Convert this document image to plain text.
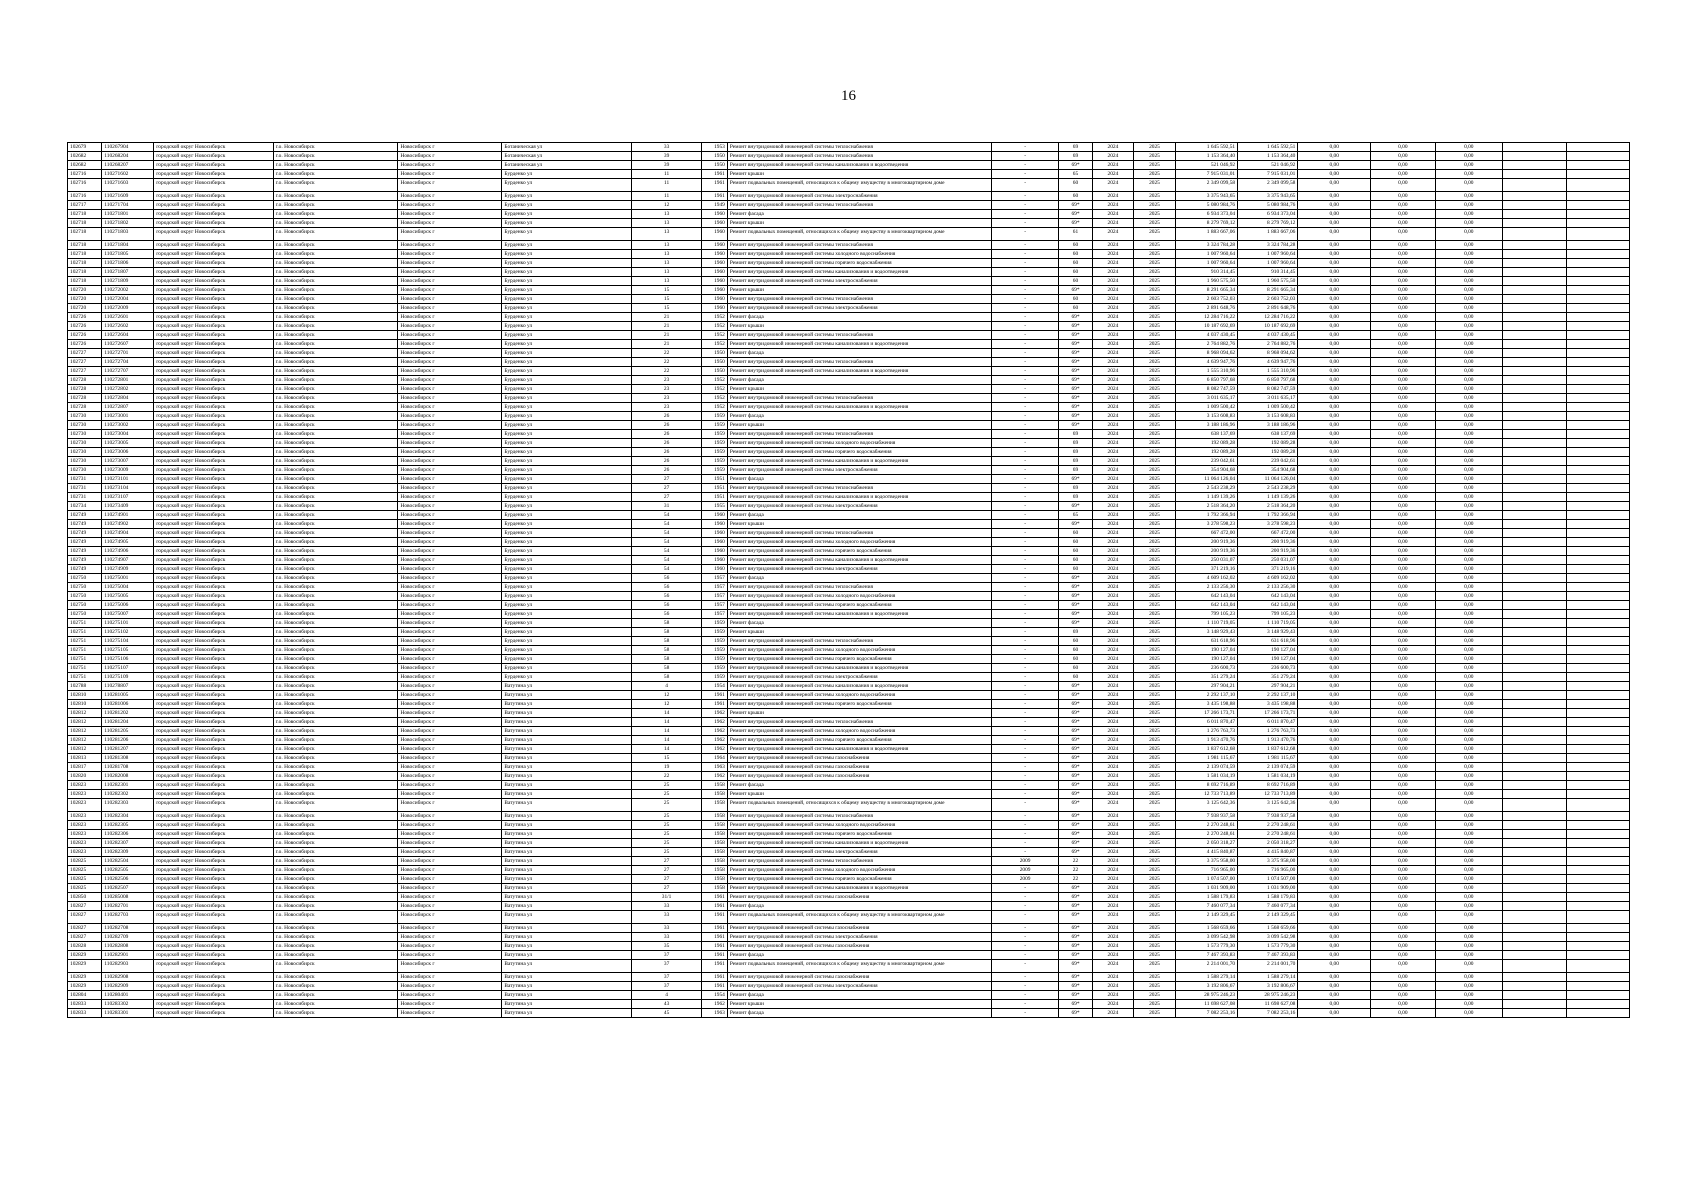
16
102679	110267904	городской округ Новосибирск	г.о. Новосибирск	Новосибирск г	Ботаническая ул	33	1953	Ремонт внутридомовой инженерной системы теплоснабжения	-	69	2024	2025	1 645 592,51	1 645 592,51	0,00	0,00	0,00		
102682	110268204	городской округ Новосибирск	г.о. Новосибирск	Новосибирск г	Ботаническая ул	39	1950	Ремонт внутридомовой инженерной системы теплоснабжения	-	69	2024	2025	1 153 364,40	1 153 364,40	0,00	0,00	0,00		
102682	110268207	городской округ Новосибирск	г.о. Новосибирск	Новосибирск г	Ботаническая ул	39	1950	Ремонт внутридомовой инженерной системы канализования и водоотведения	-	69*	2024	2025	521 046,92	521 046,92	0,00	0,00	0,00		
102716	110271602	городской округ Новосибирск	г.о. Новосибирск	Новосибирск г	Бурденко ул	11	1961	Ремонт крыши	-	65	2024	2025	7 915 031,01	7 915 031,01	0,00	0,00	0,00		
102716	110271603	городской округ Новосибирск	г.о. Новосибирск	Новосибирск г	Бурденко ул	11	1961	Ремонт подвальных помещений, относящихся к общему имуществу в многоквартирном доме	-	60	2024	2025	2 349 099,58	2 349 099,58	0,00	0,00	0,00		
102716	110271609	городской округ Новосибирск	г.о. Новосибирск	Новосибирск г	Бурденко ул	11	1961	Ремонт внутридомовой инженерной системы электроснабжения	-	60	2024	2025	3 375 943,65	3 375 943,65	0,00	0,00	0,00		
102717	110271704	городской округ Новосибирск	г.о. Новосибирск	Новосибирск г	Бурденко ул	12	1949	Ремонт внутридомовой инженерной системы теплоснабжения	-	69*	2024	2025	5 080 984,76	5 080 984,76	0,00	0,00	0,00		
102718	110271801	городской округ Новосибирск	г.о. Новосибирск	Новосибирск г	Бурденко ул	13	1960	Ремонт фасада	-	69*	2024	2025	6 934 373,04	6 934 373,04	0,00	0,00	0,00		
102718	110271802	городской округ Новосибирск	г.о. Новосибирск	Новосибирск г	Бурденко ул	13	1960	Ремонт крыши	-	69*	2024	2025	8 279 769,12	8 279 769,12	0,00	0,00	0,00		
102718	110271803	городской округ Новосибирск	г.о. Новосибирск	Новосибирск г	Бурденко ул	13	1960	Ремонт подвальных помещений, относящихся к общему имуществу в многоквартирном доме	-	61	2024	2025	1 883 667,06	1 883 667,06	0,00	0,00	0,00		
102718	110271804	городской округ Новосибирск	г.о. Новосибирск	Новосибирск г	Бурденко ул	13	1960	Ремонт внутридомовой инженерной системы теплоснабжения	-	60	2024	2025	3 324 784,28	3 324 784,28	0,00	0,00	0,00		
102718	110271805	городской округ Новосибирск	г.о. Новосибирск	Новосибирск г	Бурденко ул	13	1960	Ремонт внутридомовой инженерной системы холодного водоснабжения	-	60	2024	2025	1 007 960,64	1 007 960,64	0,00	0,00	0,00		
102718	110271806	городской округ Новосибирск	г.о. Новосибирск	Новосибирск г	Бурденко ул	13	1960	Ремонт внутридомовой инженерной системы горячего водоснабжения	-	60	2024	2025	1 007 960,64	1 007 960,64	0,00	0,00	0,00		
102718	110271807	городской округ Новосибирск	г.о. Новосибирск	Новосибирск г	Бурденко ул	13	1960	Ремонт внутридомовой инженерной системы канализования и водоотведения	-	60	2024	2025	910 314,45	910 314,45	0,00	0,00	0,00		
102718	110271809	городской округ Новосибирск	г.о. Новосибирск	Новосибирск г	Бурденко ул	13	1960	Ремонт внутридомовой инженерной системы электроснабжения	-	60	2024	2025	1 960 575,50	1 960 575,50	0,00	0,00	0,00		
102720	110272002	городской округ Новосибирск	г.о. Новосибирск	Новосибирск г	Бурденко ул	15	1960	Ремонт крыши	-	69*	2024	2025	8 291 665,34	8 291 665,34	0,00	0,00	0,00		
102720	110272004	городской округ Новосибирск	г.о. Новосибирск	Новосибирск г	Бурденко ул	15	1960	Ремонт внутридомовой инженерной системы теплоснабжения	-	60	2024	2025	2 603 752,03	2 603 752,03	0,00	0,00	0,00		
102720	110272009	городской округ Новосибирск	г.о. Новосибирск	Новосибирск г	Бурденко ул	15	1960	Ремонт внутридомовой инженерной системы электроснабжения	-	60	2024	2025	2 891 648,76	2 891 648,76	0,00	0,00	0,00		
102726	110272601	городской округ Новосибирск	г.о. Новосибирск	Новосибирск г	Бурденко ул	21	1952	Ремонт фасада	-	69*	2024	2025	12 284 716,22	12 284 716,22	0,00	0,00	0,00		
102726	110272602	городской округ Новосибирск	г.о. Новосибирск	Новосибирск г	Бурденко ул	21	1952	Ремонт крыши	-	69*	2024	2025	10 187 692,69	10 187 692,69	0,00	0,00	0,00		
102726	110272604	городской округ Новосибирск	г.о. Новосибирск	Новосибирск г	Бурденко ул	21	1952	Ремонт внутридомовой инженерной системы теплоснабжения	-	69*	2024	2025	4 037 430,45	4 037 430,45	0,00	0,00	0,00		
102726	110272607	городской округ Новосибирск	г.о. Новосибирск	Новосибирск г	Бурденко ул	21	1952	Ремонт внутридомовой инженерной системы канализования и водоотведения	-	69*	2024	2025	2 764 882,76	2 764 882,76	0,00	0,00	0,00		
102727	110272701	городской округ Новосибирск	г.о. Новосибирск	Новосибирск г	Бурденко ул	22	1950	Ремонт фасада	-	69*	2024	2025	8 968 094,62	8 968 094,62	0,00	0,00	0,00		
102727	110272704	городской округ Новосибирск	г.о. Новосибирск	Новосибирск г	Бурденко ул	22	1950	Ремонт внутридомовой инженерной системы теплоснабжения	-	69*	2024	2025	4 639 947,76	4 639 947,76	0,00	0,00	0,00		
102727	110272707	городской округ Новосибирск	г.о. Новосибирск	Новосибирск г	Бурденко ул	22	1950	Ремонт внутридомовой инженерной системы канализования и водоотведения	-	69*	2024	2025	1 555 310,96	1 555 310,96	0,00	0,00	0,00		
102728	110272801	городской округ Новосибирск	г.о. Новосибирск	Новосибирск г	Бурденко ул	23	1952	Ремонт фасада	-	69*	2024	2025	6 850 797,68	6 850 797,68	0,00	0,00	0,00		
102728	110272802	городской округ Новосибирск	г.о. Новосибирск	Новосибирск г	Бурденко ул	23	1952	Ремонт крыши	-	69*	2024	2025	8 082 747,59	8 082 747,59	0,00	0,00	0,00		
102728	110272804	городской округ Новосибирск	г.о. Новосибирск	Новосибирск г	Бурденко ул	23	1952	Ремонт внутридомовой инженерной системы теплоснабжения	-	69*	2024	2025	3 011 635,17	3 011 635,17	0,00	0,00	0,00		
102728	110272807	городской округ Новосибирск	г.о. Новосибирск	Новосибирск г	Бурденко ул	23	1952	Ремонт внутридомовой инженерной системы канализования и водоотведения	-	69*	2024	2025	1 009 500,42	1 009 500,42	0,00	0,00	0,00		
102730	110273001	городской округ Новосибирск	г.о. Новосибирск	Новосибирск г	Бурденко ул	26	1959	Ремонт фасада	-	69*	2024	2025	3 153 608,83	3 153 608,83	0,00	0,00	0,00		
102730	110273002	городской округ Новосибирск	г.о. Новосибирск	Новосибирск г	Бурденко ул	26	1959	Ремонт крыши	-	69*	2024	2025	3 188 186,96	3 188 186,96	0,00	0,00	0,00		
102730	110273004	городской округ Новосибирск	г.о. Новосибирск	Новосибирск г	Бурденко ул	26	1959	Ремонт внутридомовой инженерной системы теплоснабжения	-	69	2024	2025	638 137,69	638 137,69	0,00	0,00	0,00		
102730	110273005	городской округ Новосибирск	г.о. Новосибирск	Новосибирск г	Бурденко ул	26	1959	Ремонт внутридомовой инженерной системы холодного водоснабжения	-	69	2024	2025	192 089,28	192 089,28	0,00	0,00	0,00		
102730	110273006	городской округ Новосибирск	г.о. Новосибирск	Новосибирск г	Бурденко ул	26	1959	Ремонт внутридомовой инженерной системы горячего водоснабжения	-	69	2024	2025	192 089,28	192 089,28	0,00	0,00	0,00		
102730	110273007	городской округ Новосибирск	г.о. Новосибирск	Новосибирск г	Бурденко ул	26	1959	Ремонт внутридомовой инженерной системы канализования и водоотведения	-	69	2024	2025	239 042,61	239 042,61	0,00	0,00	0,00		
102730	110273009	городской округ Новосибирск	г.о. Новосибирск	Новосибирск г	Бурденко ул	26	1959	Ремонт внутридомовой инженерной системы электроснабжения	-	69	2024	2025	354 904,68	354 904,68	0,00	0,00	0,00		
102731	110273101	городской округ Новосибирск	г.о. Новосибирск	Новосибирск г	Бурденко ул	27	1951	Ремонт фасада	-	69*	2024	2025	11 064 126,04	11 064 126,04	0,00	0,00	0,00		
102731	110273104	городской округ Новосибирск	г.о. Новосибирск	Новосибирск г	Бурденко ул	27	1951	Ремонт внутридомовой инженерной системы теплоснабжения	-	69	2024	2025	2 543 238,29	2 543 238,29	0,00	0,00	0,00		
102731	110273107	городской округ Новосибирск	г.о. Новосибирск	Новосибирск г	Бурденко ул	27	1951	Ремонт внутридомовой инженерной системы канализования и водоотведения	-	69	2024	2025	1 149 139,26	1 149 139,26	0,00	0,00	0,00		
102734	110273409	городской округ Новосибирск	г.о. Новосибирск	Новосибирск г	Бурденко ул	31	1955	Ремонт внутридомовой инженерной системы электроснабжения	-	69*	2024	2025	2 518 364,20	2 518 364,20	0,00	0,00	0,00		
102749	110274901	городской округ Новосибирск	г.о. Новосибирск	Новосибирск г	Бурденко ул	54	1960	Ремонт фасада	-	65	2024	2025	1 792 366,94	1 792 366,94	0,00	0,00	0,00		
102749	110274902	городской округ Новосибирск	г.о. Новосибирск	Новосибирск г	Бурденко ул	54	1960	Ремонт крыши	-	69*	2024	2025	3 278 598,23	3 278 598,23	0,00	0,00	0,00		
102749	110274904	городской округ Новосибирск	г.о. Новосибирск	Новосибирск г	Бурденко ул	54	1960	Ремонт внутридомовой инженерной системы теплоснабжения	-	60	2024	2025	667 472,00	667 472,00	0,00	0,00	0,00		
102749	110274905	городской округ Новосибирск	г.о. Новосибирск	Новосибирск г	Бурденко ул	54	1960	Ремонт внутридомовой инженерной системы холодного водоснабжения	-	60	2024	2025	200 919,36	200 919,36	0,00	0,00	0,00		
102749	110274906	городской округ Новосибирск	г.о. Новосибирск	Новосибирск г	Бурденко ул	54	1960	Ремонт внутридомовой инженерной системы горячего водоснабжения	-	60	2024	2025	200 919,36	200 919,36	0,00	0,00	0,00		
102749	110274907	городской округ Новосибирск	г.о. Новосибирск	Новосибирск г	Бурденко ул	54	1960	Ремонт внутридомовой инженерной системы канализования и водоотведения	-	60	2024	2025	250 031,07	250 031,07	0,00	0,00	0,00		
102749	110274909	городской округ Новосибирск	г.о. Новосибирск	Новосибирск г	Бурденко ул	54	1960	Ремонт внутридомовой инженерной системы электроснабжения	-	60	2024	2025	371 219,16	371 219,16	0,00	0,00	0,00		
102750	110275001	городской округ Новосибирск	г.о. Новосибирск	Новосибирск г	Бурденко ул	56	1957	Ремонт фасада	-	69*	2024	2025	4 609 162,02	4 609 162,02	0,00	0,00	0,00		
102750	110275004	городской округ Новосибирск	г.о. Новосибирск	Новосибирск г	Бурденко ул	56	1957	Ремонт внутридомовой инженерной системы теплоснабжения	-	69*	2024	2025	2 133 256,30	2 133 256,30	0,00	0,00	0,00		
102750	110275005	городской округ Новосибирск	г.о. Новосибирск	Новосибирск г	Бурденко ул	56	1957	Ремонт внутридомовой инженерной системы холодного водоснабжения	-	69*	2024	2025	642 143,04	642 143,04	0,00	0,00	0,00		
102750	110275006	городской округ Новосибирск	г.о. Новосибирск	Новосибирск г	Бурденко ул	56	1957	Ремонт внутридомовой инженерной системы горячего водоснабжения	-	69*	2024	2025	642 143,04	642 143,04	0,00	0,00	0,00		
102750	110275007	городской округ Новосибирск	г.о. Новосибирск	Новосибирск г	Бурденко ул	56	1957	Ремонт внутридомовой инженерной системы канализования и водоотведения	-	69*	2024	2025	799 105,23	799 105,23	0,00	0,00	0,00		
102751	110275101	городской округ Новосибирск	г.о. Новосибирск	Новосибирск г	Бурденко ул	58	1959	Ремонт фасада	-	69*	2024	2025	1 110 719,05	1 110 719,05	0,00	0,00	0,00		
102751	110275102	городской округ Новосибирск	г.о. Новосибирск	Новосибирск г	Бурденко ул	58	1959	Ремонт крыши	-	69	2024	2025	3 148 929,43	3 148 929,43	0,00	0,00	0,00		
102751	110275104	городской округ Новосибирск	г.о. Новосибирск	Новосибирск г	Бурденко ул	58	1959	Ремонт внутридомовой инженерной системы теплоснабжения	-	60	2024	2025	631 618,96	631 618,96	0,00	0,00	0,00		
102751	110275105	городской округ Новосибирск	г.о. Новосибирск	Новосибирск г	Бурденко ул	58	1959	Ремонт внутридомовой инженерной системы холодного водоснабжения	-	60	2024	2025	190 127,04	190 127,04	0,00	0,00	0,00		
102751	110275106	городской округ Новосибирск	г.о. Новосибирск	Новосибирск г	Бурденко ул	58	1959	Ремонт внутридомовой инженерной системы горячего водоснабжения	-	60	2024	2025	190 127,04	190 127,04	0,00	0,00	0,00		
102751	110275107	городской округ Новосибирск	г.о. Новосибирск	Новосибирск г	Бурденко ул	58	1959	Ремонт внутридомовой инженерной системы канализования и водоотведения	-	60	2024	2025	236 600,73	236 600,73	0,00	0,00	0,00		
102751	110275109	городской округ Новосибирск	г.о. Новосибирск	Новосибирск г	Бурденко ул	58	1959	Ремонт внутридомовой инженерной системы электроснабжения	-	60	2024	2025	351 279,24	351 279,24	0,00	0,00	0,00		
102788	110278807	городской округ Новосибирск	г.о. Новосибирск	Новосибирск г	Ватутина ул	4	1954	Ремонт внутридомовой инженерной системы канализования и водоотведения	-	69*	2024	2025	297 904,21	297 904,21	0,00	0,00	0,00		
102810	110281005	городской округ Новосибирск	г.о. Новосибирск	Новосибирск г	Ватутина ул	12	1961	Ремонт внутридомовой инженерной системы холодного водоснабжения	-	69*	2024	2025	2 292 137,10	2 292 137,10	0,00	0,00	0,00		
102810	110281006	городской округ Новосибирск	г.о. Новосибирск	Новосибирск г	Ватутина ул	12	1961	Ремонт внутридомовой инженерной системы горячего водоснабжения	-	69*	2024	2025	3 435 198,88	3 435 198,88	0,00	0,00	0,00		
102812	110281202	городской округ Новосибирск	г.о. Новосибирск	Новосибирск г	Ватутина ул	14	1962	Ремонт крыши	-	69*	2024	2025	17 266 173,71	17 266 173,71	0,00	0,00	0,00		
102812	110281204	городской округ Новосибирск	г.о. Новосибирск	Новосибирск г	Ватутина ул	14	1962	Ремонт внутридомовой инженерной системы теплоснабжения	-	69*	2024	2025	6 011 870,47	6 011 870,47	0,00	0,00	0,00		
102812	110281205	городской округ Новосибирск	г.о. Новосибирск	Новосибирск г	Ватутина ул	14	1962	Ремонт внутридомовой инженерной системы холодного водоснабжения	-	69*	2024	2025	1 276 763,73	1 276 763,73	0,00	0,00	0,00		
102812	110281206	городской округ Новосибирск	г.о. Новосибирск	Новосибирск г	Ватутина ул	14	1962	Ремонт внутридомовой инженерной системы горячего водоснабжения	-	69*	2024	2025	1 913 470,76	1 913 470,76	0,00	0,00	0,00		
102812	110281207	городской округ Новосибирск	г.о. Новосибирск	Новосибирск г	Ватутина ул	14	1962	Ремонт внутридомовой инженерной системы канализования и водоотведения	-	69*	2024	2025	1 837 612,68	1 837 612,68	0,00	0,00	0,00		
102813	110281308	городской округ Новосибирск	г.о. Новосибирск	Новосибирск г	Ватутина ул	15	1964	Ремонт внутридомовой инженерной системы газоснабжения	-	69*	2024	2025	1 981 115,67	1 981 115,67	0,00	0,00	0,00		
102817	110281708	городской округ Новосибирск	г.о. Новосибирск	Новосибирск г	Ватутина ул	19	1963	Ремонт внутридомовой инженерной системы газоснабжения	-	69*	2024	2025	2 139 074,59	2 139 074,59	0,00	0,00	0,00		
102820	110282008	городской округ Новосибирск	г.о. Новосибирск	Новосибирск г	Ватутина ул	22	1962	Ремонт внутридомовой инженерной системы газоснабжения	-	69*	2024	2025	1 581 034,19	1 581 034,19	0,00	0,00	0,00		
102823	110282301	городской округ Новосибирск	г.о. Новосибирск	Новосибирск г	Ватутина ул	25	1958	Ремонт фасада	-	69*	2024	2025	8 692 716,89	8 692 716,89	0,00	0,00	0,00		
102823	110282302	городской округ Новосибирск	г.о. Новосибирск	Новосибирск г	Ватутина ул	25	1958	Ремонт крыши	-	69*	2024	2025	12 733 713,89	12 733 713,89	0,00	0,00	0,00		
102823	110282303	городской округ Новосибирск	г.о. Новосибирск	Новосибирск г	Ватутина ул	25	1958	Ремонт подвальных помещений, относящихся к общему имуществу в многоквартирном доме	-	69*	2024	2025	3 125 642,36	3 125 642,36	0,00	0,00	0,00		
102823	110282304	городской округ Новосибирск	г.о. Новосибирск	Новосибирск г	Ватутина ул	25	1958	Ремонт внутридомовой инженерной системы теплоснабжения	-	69*	2024	2025	7 938 937,58	7 938 937,58	0,00	0,00	0,00		
102823	110282305	городской округ Новосибирск	г.о. Новосибирск	Новосибирск г	Ватутина ул	25	1958	Ремонт внутридомовой инженерной системы холодного водоснабжения	-	69*	2024	2025	2 270 248,61	2 270 248,61	0,00	0,00	0,00		
102823	110282306	городской округ Новосибирск	г.о. Новосибирск	Новосибирск г	Ватутина ул	25	1958	Ремонт внутридомовой инженерной системы горячего водоснабжения	-	69*	2024	2025	2 270 248,61	2 270 248,61	0,00	0,00	0,00		
102823	110282307	городской округ Новосибирск	г.о. Новосибирск	Новосибирск г	Ватутина ул	25	1958	Ремонт внутридомовой инженерной системы канализования и водоотведения	-	69*	2024	2025	2 050 318,27	2 050 318,27	0,00	0,00	0,00		
102823	110282309	городской округ Новосибирск	г.о. Новосибирск	Новосибирск г	Ватутина ул	25	1958	Ремонт внутридомовой инженерной системы электроснабжения	-	69*	2024	2025	4 415 840,87	4 415 840,87	0,00	0,00	0,00		
102825	110282504	городской округ Новосибирск	г.о. Новосибирск	Новосибирск г	Ватутина ул	27	1958	Ремонт внутридомовой инженерной системы теплоснабжения	2009	22	2024	2025	3 375 958,00	3 375 958,00	0,00	0,00	0,00		
102825	110282505	городской округ Новосибирск	г.о. Новосибирск	Новосибирск г	Ватутина ул	27	1958	Ремонт внутридомовой инженерной системы холодного водоснабжения	2009	22	2024	2025	716 965,00	716 965,00	0,00	0,00	0,00		
102825	110282506	городской округ Новосибирск	г.о. Новосибирск	Новосибирск г	Ватутина ул	27	1958	Ремонт внутридомовой инженерной системы горячего водоснабжения	2009	22	2024	2025	1 074 507,00	1 074 507,00	0,00	0,00	0,00		
102825	110282507	городской округ Новосибирск	г.о. Новосибирск	Новосибирск г	Ватутина ул	27	1958	Ремонт внутридомовой инженерной системы канализования и водоотведения	-	69*	2024	2025	1 031 909,00	1 031 909,00	0,00	0,00	0,00		
102850	110285008	городской округ Новосибирск	г.о. Новосибирск	Новосибирск г	Ватутина ул	31/1	1961	Ремонт внутридомовой инженерной системы газоснабжения	-	69*	2024	2025	1 588 179,83	1 588 179,83	0,00	0,00	0,00		
102827	110282701	городской округ Новосибирск	г.о. Новосибирск	Новосибирск г	Ватутина ул	33	1961	Ремонт фасада	-	69*	2024	2025	7 460 077,34	7 460 077,34	0,00	0,00	0,00		
102827	110282703	городской округ Новосибирск	г.о. Новосибирск	Новосибирск г	Ватутина ул	33	1961	Ремонт подвальных помещений, относящихся к общему имуществу в многоквартирном доме	-	69*	2024	2025	2 149 329,45	2 149 329,45	0,00	0,00	0,00		
102827	110282708	городской округ Новосибирск	г.о. Новосибирск	Новосибирск г	Ватутина ул	33	1961	Ремонт внутридомовой инженерной системы газоснабжения	-	69*	2024	2025	1 568 659,66	1 568 659,66	0,00	0,00	0,00		
102827	110282709	городской округ Новосибирск	г.о. Новосибирск	Новосибирск г	Ватутина ул	33	1961	Ремонт внутридомовой инженерной системы электроснабжения	-	69*	2024	2025	3 099 542,98	3 099 542,98	0,00	0,00	0,00		
102828	110282808	городской округ Новосибирск	г.о. Новосибирск	Новосибирск г	Ватутина ул	35	1961	Ремонт внутридомовой инженерной системы газоснабжения	-	69*	2024	2025	1 573 779,30	1 573 779,30	0,00	0,00	0,00		
102829	110282901	городской округ Новосибирск	г.о. Новосибирск	Новосибирск г	Ватутина ул	37	1961	Ремонт фасада	-	69*	2024	2025	7 467 393,83	7 467 393,83	0,00	0,00	0,00		
102829	110282903	городской округ Новосибирск	г.о. Новосибирск	Новосибирск г	Ватутина ул	37	1961	Ремонт подвальных помещений, относящихся к общему имуществу в многоквартирном доме	-	69*	2024	2025	2 214 001,70	2 214 001,70	0,00	0,00	0,00		
102829	110282908	городской округ Новосибирск	г.о. Новосибирск	Новосибирск г	Ватутина ул	37	1961	Ремонт внутридомовой инженерной системы газоснабжения	-	69*	2024	2025	1 588 279,14	1 588 279,14	0,00	0,00	0,00		
102829	110282909	городской округ Новосибирск	г.о. Новосибирск	Новосибирск г	Ватутина ул	37	1961	Ремонт внутридомовой инженерной системы электроснабжения	-	69*	2024	2025	3 192 806,67	3 192 806,67	0,00	0,00	0,00		
102804	110280401	городской округ Новосибирск	г.о. Новосибирск	Новосибирск г	Ватутина ул	4	1954	Ремонт фасада	-	69*	2024	2025	28 975 246,23	28 975 246,23	0,00	0,00	0,00		
102833	110283302	городской округ Новосибирск	г.о. Новосибирск	Новосибирск г	Ватутина ул	43	1962	Ремонт крыши	-	69*	2024	2025	11 698 627,08	11 698 627,08	0,00	0,00	0,00		
102833	110283301	городской округ Новосибирск	г.о. Новосибирск	Новосибирск г	Ватутина ул	45	1963	Ремонт фасада	-	69*	2024	2025	7 082 253,16	7 082 253,16	0,00	0,00	0,00		
